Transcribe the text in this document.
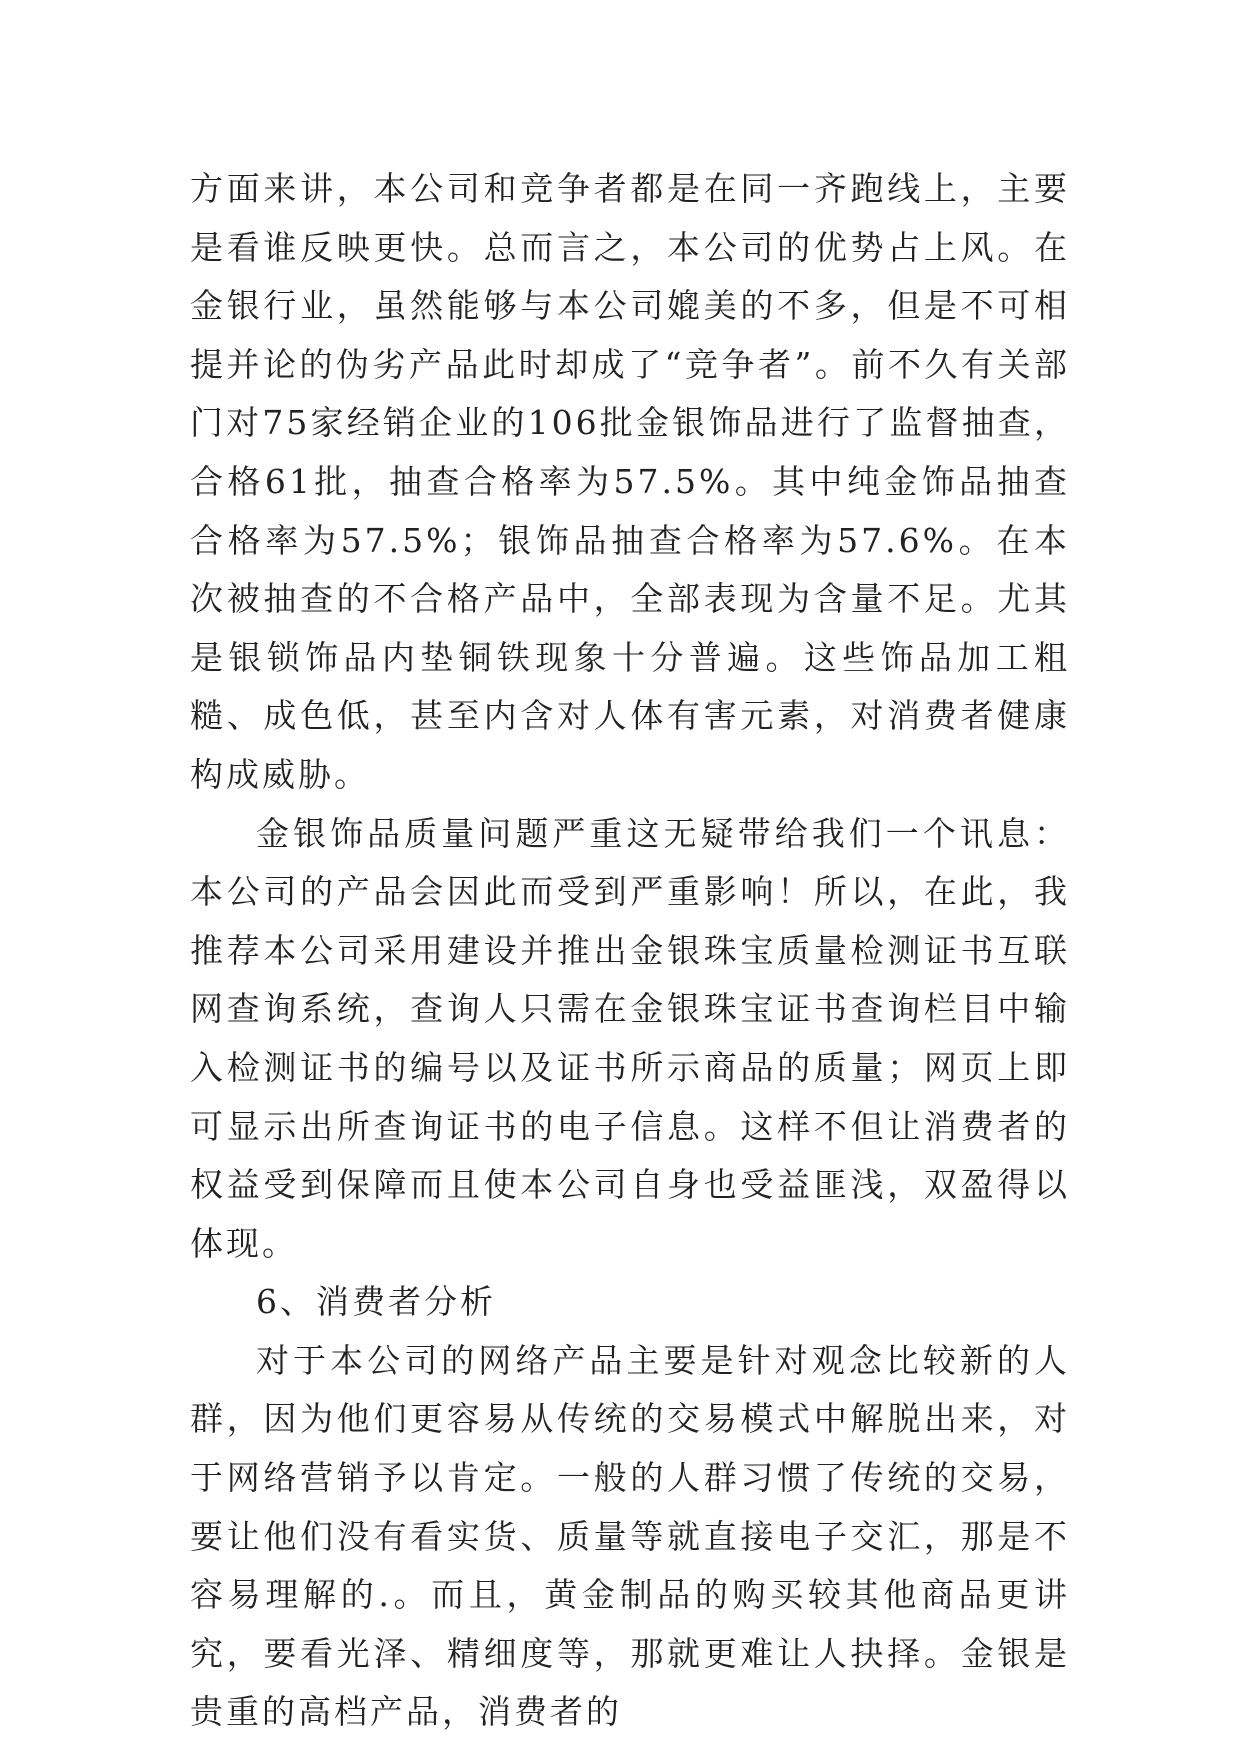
方面来讲，本公司和竞争者都是在同一齐跑线上，主要是看谁反映更快。总而言之，本公司的优势占上风。在金银行业，虽然能够与本公司媲美的不多，但是不可相提并论的伪劣产品此时却成了“竞争者”。前不久有关部门对75家经销企业的106批金银饰品进行了监督抽查，合格61批，抽查合格率为57.5%。其中纯金饰品抽查合格率为57.5%；银饰品抽查合格率为57.6%。在本次被抽查的不合格产品中，全部表现为含量不足。尤其是银锁饰品内垫铜铁现象十分普遍。这些饰品加工粗糙、成色低，甚至内含对人体有害元素，对消费者健康构成威胁。

金银饰品质量问题严重这无疑带给我们一个讯息：本公司的产品会因此而受到严重影响！所以，在此，我推荐本公司采用建设并推出金银珠宝质量检测证书互联网查询系统，查询人只需在金银珠宝证书查询栏目中输入检测证书的编号以及证书所示商品的质量；网页上即可显示出所查询证书的电子信息。这样不但让消费者的权益受到保障而且使本公司自身也受益匪浅，双盈得以体现。

6、消费者分析

对于本公司的网络产品主要是针对观念比较新的人群，因为他们更容易从传统的交易模式中解脱出来，对于网络营销予以肯定。一般的人群习惯了传统的交易，要让他们没有看实货、质量等就直接电子交汇，那是不容易理解的.。而且，黄金制品的购买较其他商品更讲究，要看光泽、精细度等，那就更难让人抉择。金银是贵重的高档产品，消费者的
